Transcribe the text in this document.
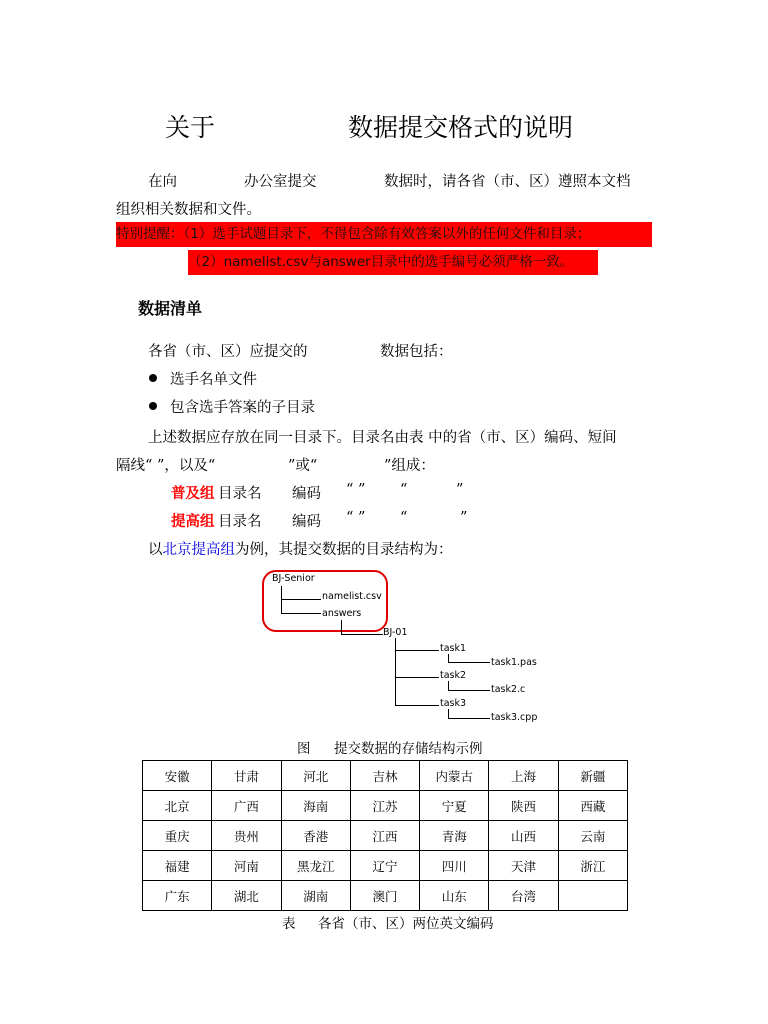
关于	数据提交格式的说明
在向	办公室提交	数据时，请各省（市、区）遵照本文档
组织相关数据和文件。
特别提醒：（1）选手试题目录下，不得包含除有效答案以外的任何文件和目录；
（2）namelist.csv与answer目录中的选手编号必须严格一致。
数据清单
各省（市、区）应提交的	数据包括：
选手名单文件
包含选手答案的子目录
上述数据应存放在同一目录下。目录名由表 中的省（市、区）编码、短间
隔线“ ”，以及“	”或“	”组成：
普及组 目录名 编码 “ ” “	”
提高组 目录名 编码 “ ” “	”
以北京提高组为例，其提交数据的目录结构为：
BJ-Senior
namelist.csv
answers
BJ-01
task1
task1.pas
task2
task2.c
task3
task3.cpp
图 提交数据的存储结构示例
安徽	甘肃	河北	吉林	内蒙古	上海	新疆
北京	广西	海南	江苏	宁夏	陕西	西藏
重庆	贵州	香港	江西	青海	山西	云南
福建	河南	黑龙江	辽宁	四川	天津	浙江
广东	湖北	湖南	澳门	山东	台湾	
表 各省（市、区）两位英文编码
